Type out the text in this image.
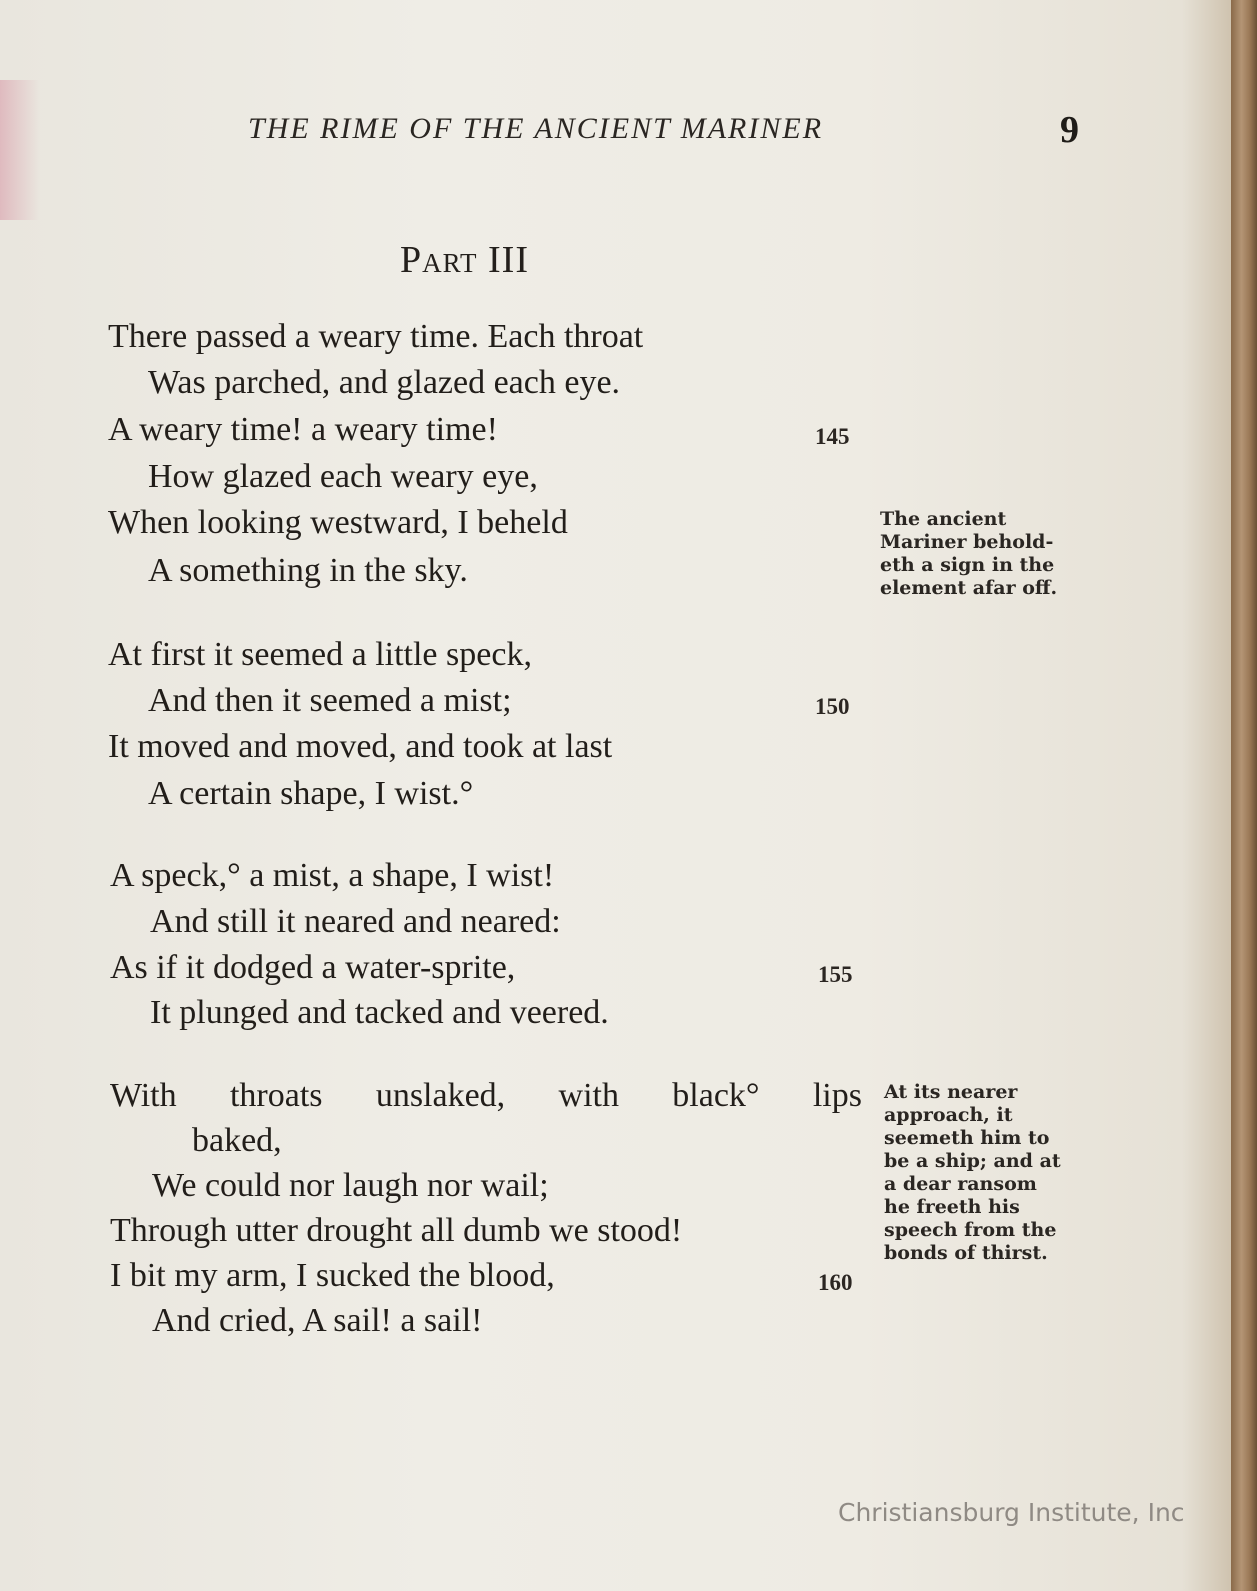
THE RIME OF THE ANCIENT MARINER	9
Part III
There passed a weary time. Each throat
Was parched, and glazed each eye.
A weary time! a weary time!	145
How glazed each weary eye,
When looking westward, I beheld
A something in the sky.
The ancient
Mariner behold-
eth a sign in the
element afar off.
At first it seemed a little speck,
And then it seemed a mist;	150
It moved and moved, and took at last
A certain shape, I wist.°
A speck,° a mist, a shape, I wist!
And still it neared and neared:
As if it dodged a water-sprite,	155
It plunged and tacked and veered.
With throats unslaked, with black° lips
baked,
We could nor laugh nor wail;
Through utter drought all dumb we stood!
I bit my arm, I sucked the blood,	160
And cried, A sail! a sail!
At its nearer
approach, it
seemeth him to
be a ship; and at
a dear ransom
he freeth his
speech from the
bonds of thirst.
Christiansburg Institute, Inc
